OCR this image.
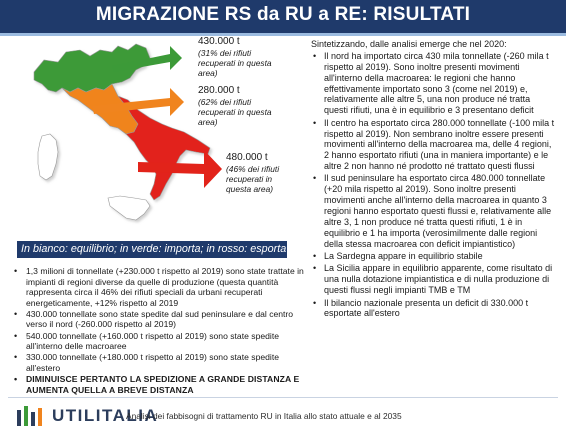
MIGRAZIONE RS da RU a RE: RISULTATI
430.000 t
(31% dei rifiuti recuperati in questa area)
280.000 t
(62% dei rifiuti recuperati in questa area)
480.000 t
(46% dei rifiuti recuperati in questa area)
In bianco: equilibrio; in verde: importa; in rosso: esporta
• 1,3 milioni di tonnellate (+230.000 t rispetto al 2019) sono state trattate in impianti di regioni diverse da quelle di produzione (questa quantità rappresenta circa il 46% dei rifiuti speciali da urbani recuperati energeticamente, +12% rispetto al 2019
• 430.000 tonnellate sono state spedite dal sud peninsulare e dal centro verso il nord (-260.000 rispetto al 2019)
• 540.000 tonnellate (+160.000 t rispetto al 2019) sono state spedite all'interno delle macroaree
• 330.000 tonnellate (+180.000 t rispetto al 2019) sono state spedite all'estero
• DIMINUISCE PERTANTO LA SPEDIZIONE A GRANDE DISTANZA E AUMENTA QUELLA A BREVE DISTANZA
Sintetizzando, dalle analisi emerge che nel 2020:
• Il nord ha importato circa 430 mila tonnellate (-260 mila t rispetto al 2019). Sono inoltre presenti movimenti all'interno della macroarea: le regioni che hanno effettivamente importato sono 3 (come nel 2019) e, relativamente alle altre 5, una non produce né tratta questi rifiuti, una è in equilibrio e 3 presentano deficit
• Il centro ha esportato circa 280.000 tonnellate (-100 mila t rispetto al 2019). Non sembrano inoltre essere presenti movimenti all'interno della macroarea ma, delle 4 regioni, 2 hanno esportato rifiuti (una in maniera importante) e le altre 2 non hanno né prodotto né trattato questi flussi
• Il sud peninsulare ha esportato circa 480.000 tonnellate (+20 mila rispetto al 2019). Sono inoltre presenti movimenti anche all'interno della macroarea in quanto 3 regioni hanno esportato questi flussi e, relativamente alle altre 3, 1 non produce né tratta questi rifiuti, 1 è in equilibrio e 1 ha importa (verosimilmente dalle regioni della stessa macroarea con deficit impiantistico)
• La Sardegna appare in equilibrio stabile
• La Sicilia appare in equilibrio apparente, come risultato di una nulla dotazione impiantistica e di nulla produzione di questi flussi negli impianti TMB e TM
• Il bilancio nazionale presenta un deficit di 330.000 t esportate all'estero
UTILITALIA
Analisi dei fabbisogni di trattamento RU in Italia allo stato attuale e al 2035
